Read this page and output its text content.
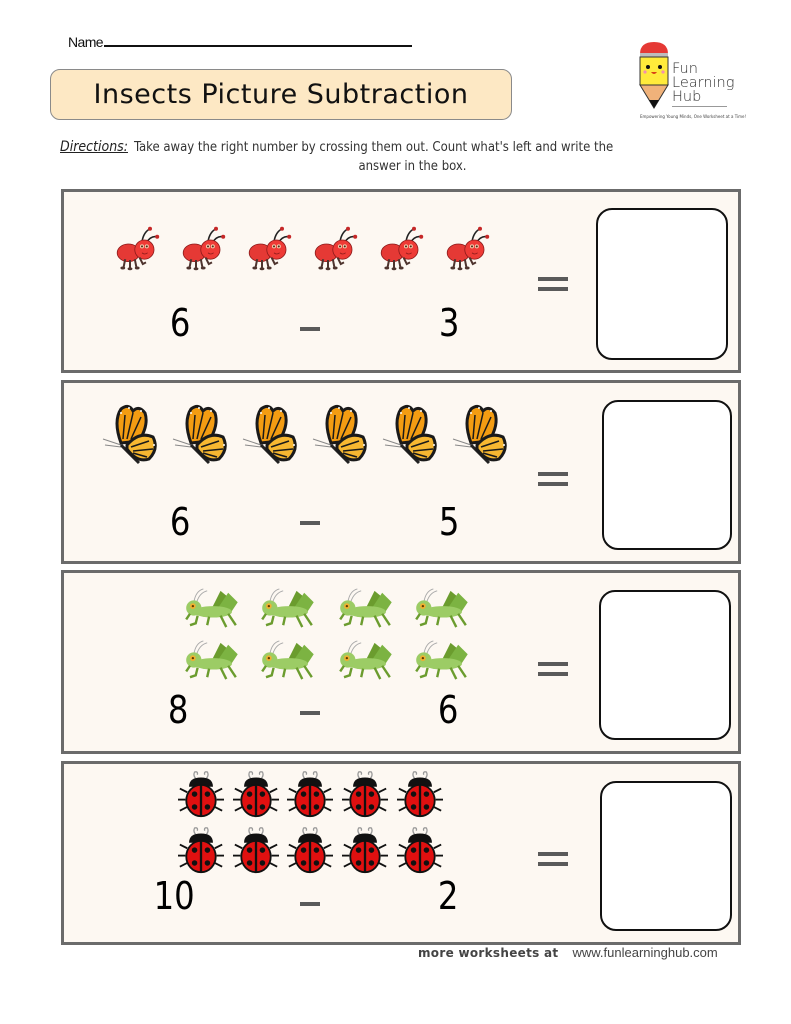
Name
Insects Picture Subtraction
Fun
Learning
Hub
Empowering Young Minds, One Worksheet at a Time!
Directions: Take away the right number by crossing them out. Count what's left and write the
answer in the box.
6	3
6	5
8	6
10	2
more worksheets at www.funlearninghub.com
